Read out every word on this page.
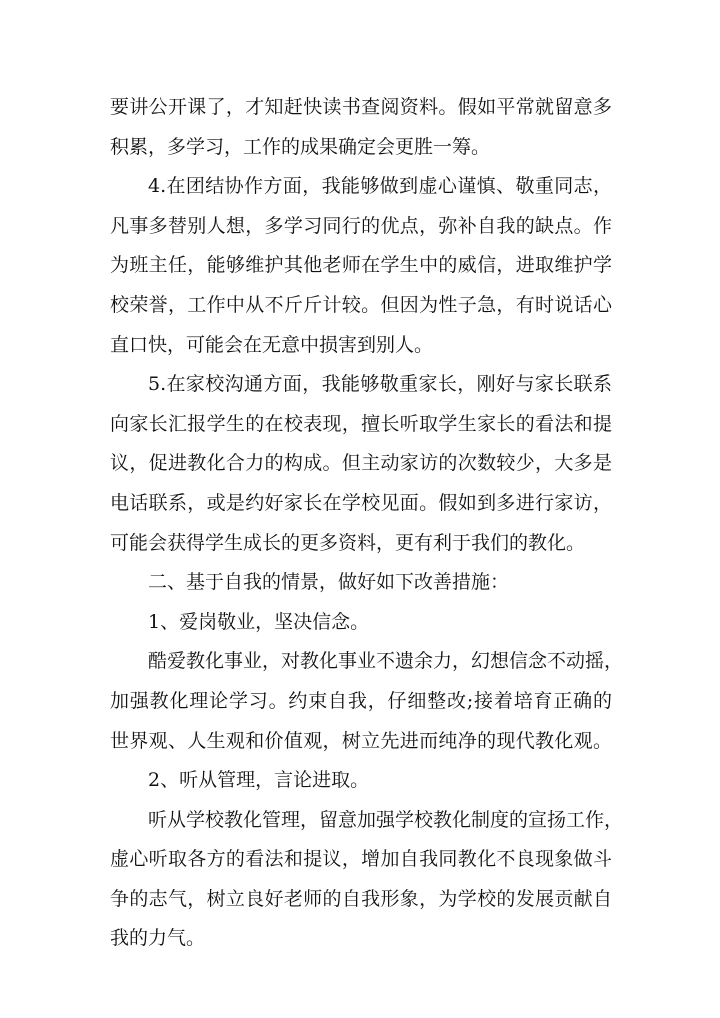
要讲公开课了，才知赶快读书查阅资料。假如平常就留意多
积累，多学习，工作的成果确定会更胜一筹。
4.在团结协作方面，我能够做到虚心谨慎、敬重同志，
凡事多替别人想，多学习同行的优点，弥补自我的缺点。作
为班主任，能够维护其他老师在学生中的威信，进取维护学
校荣誉，工作中从不斤斤计较。但因为性子急，有时说话心
直口快，可能会在无意中损害到别人。
5.在家校沟通方面，我能够敬重家长，刚好与家长联系
向家长汇报学生的在校表现，擅长听取学生家长的看法和提
议，促进教化合力的构成。但主动家访的次数较少，大多是
电话联系，或是约好家长在学校见面。假如到多进行家访，
可能会获得学生成长的更多资料，更有利于我们的教化。
二、基于自我的情景，做好如下改善措施：
1、爱岗敬业，坚决信念。
酷爱教化事业，对教化事业不遗余力，幻想信念不动摇，
加强教化理论学习。约束自我，仔细整改;接着培育正确的
世界观、人生观和价值观，树立先进而纯净的现代教化观。
2、听从管理，言论进取。
听从学校教化管理，留意加强学校教化制度的宣扬工作，
虚心听取各方的看法和提议，增加自我同教化不良现象做斗
争的志气，树立良好老师的自我形象，为学校的发展贡献自
我的力气。
